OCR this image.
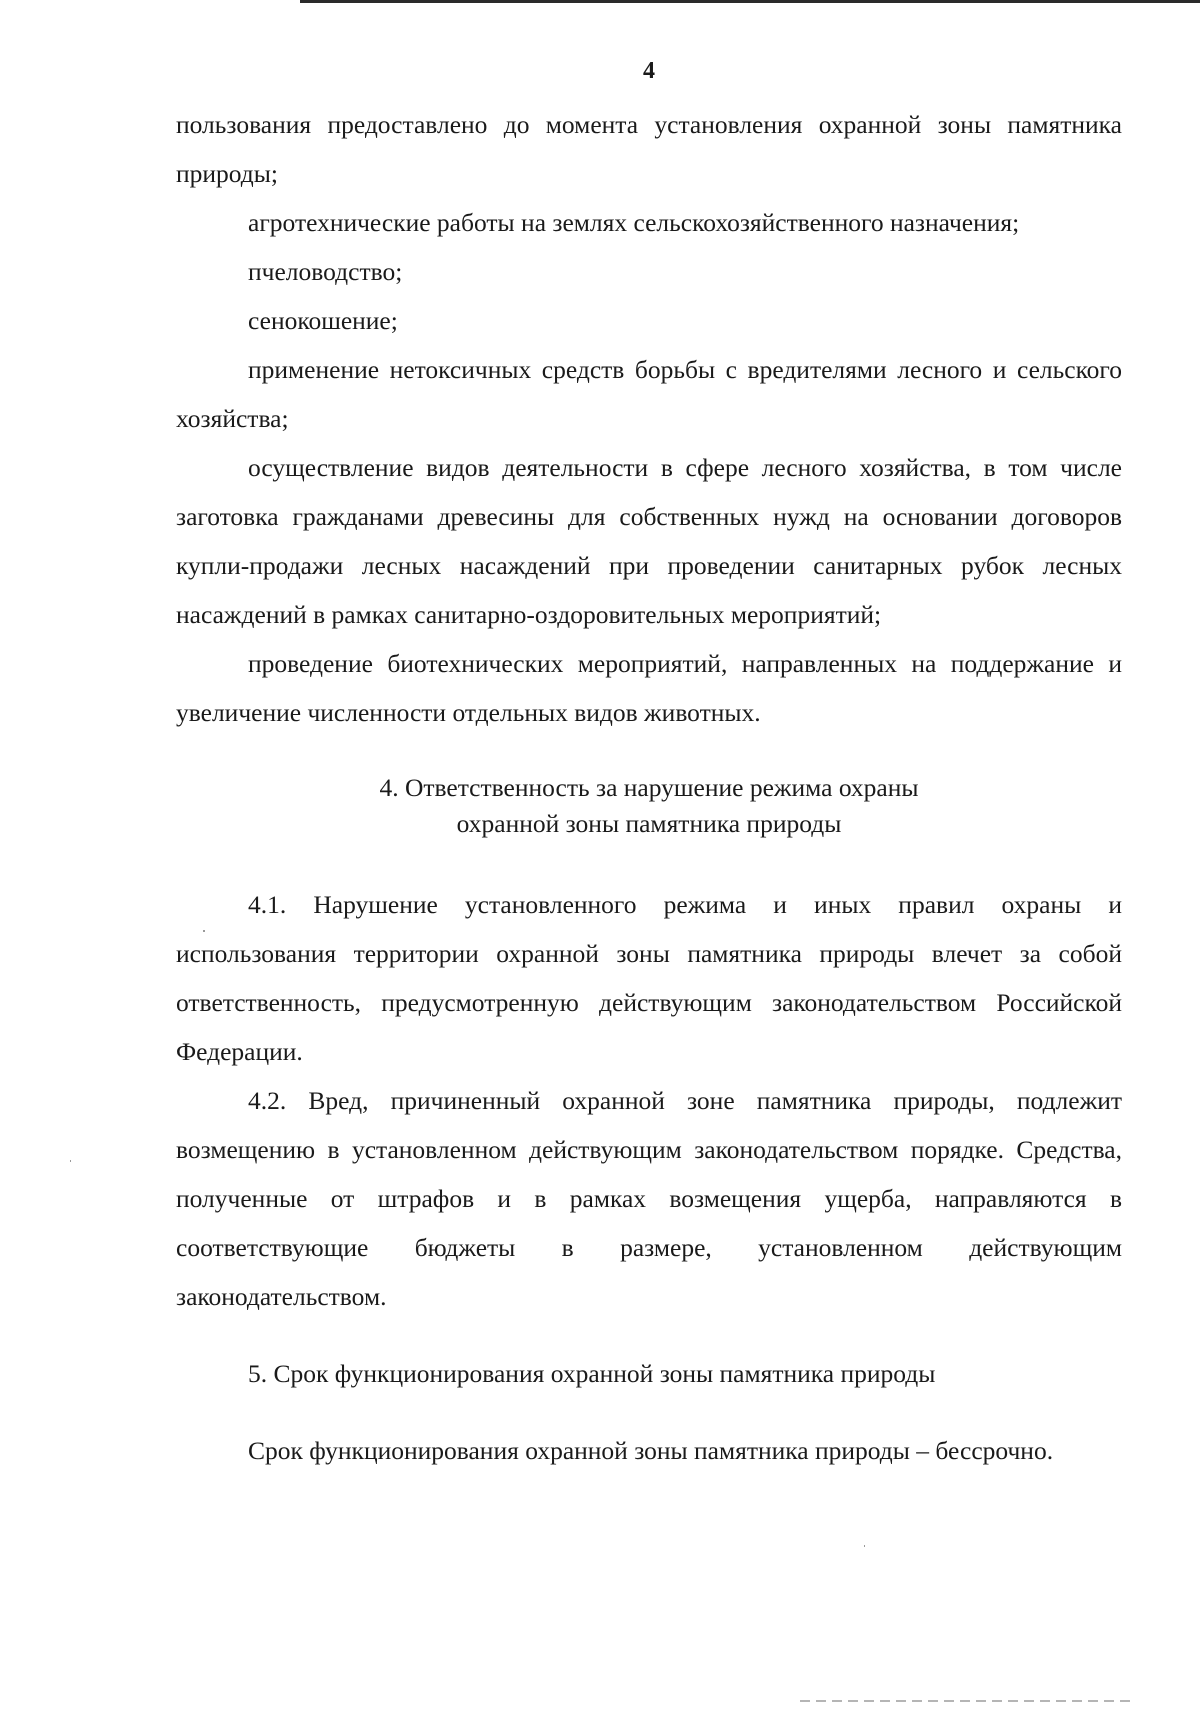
4

пользования предоставлено до момента установления охранной зоны памятника природы;

агротехнические работы на землях сельскохозяйственного назначения;

пчеловодство;

сенокошение;

применение нетоксичных средств борьбы с вредителями лесного и сельского хозяйства;

осуществление видов деятельности в сфере лесного хозяйства, в том числе заготовка гражданами древесины для собственных нужд на основании договоров купли-продажи лесных насаждений при проведении санитарных рубок лесных насаждений в рамках санитарно-оздоровительных мероприятий;

проведение биотехнических мероприятий, направленных на поддержание и увеличение численности отдельных видов животных.

4. Ответственность за нарушение режима охраны
охранной зоны памятника природы

4.1. Нарушение установленного режима и иных правил охраны и использования территории охранной зоны памятника природы влечет за собой ответственность, предусмотренную действующим законодательством Российской Федерации.

4.2. Вред, причиненный охранной зоне памятника природы, подлежит возмещению в установленном действующим законодательством порядке. Средства, полученные от штрафов и в рамках возмещения ущерба, направляются в соответствующие бюджеты в размере, установленном действующим законодательством.

5. Срок функционирования охранной зоны памятника природы

Срок функционирования охранной зоны памятника природы – бессрочно.
